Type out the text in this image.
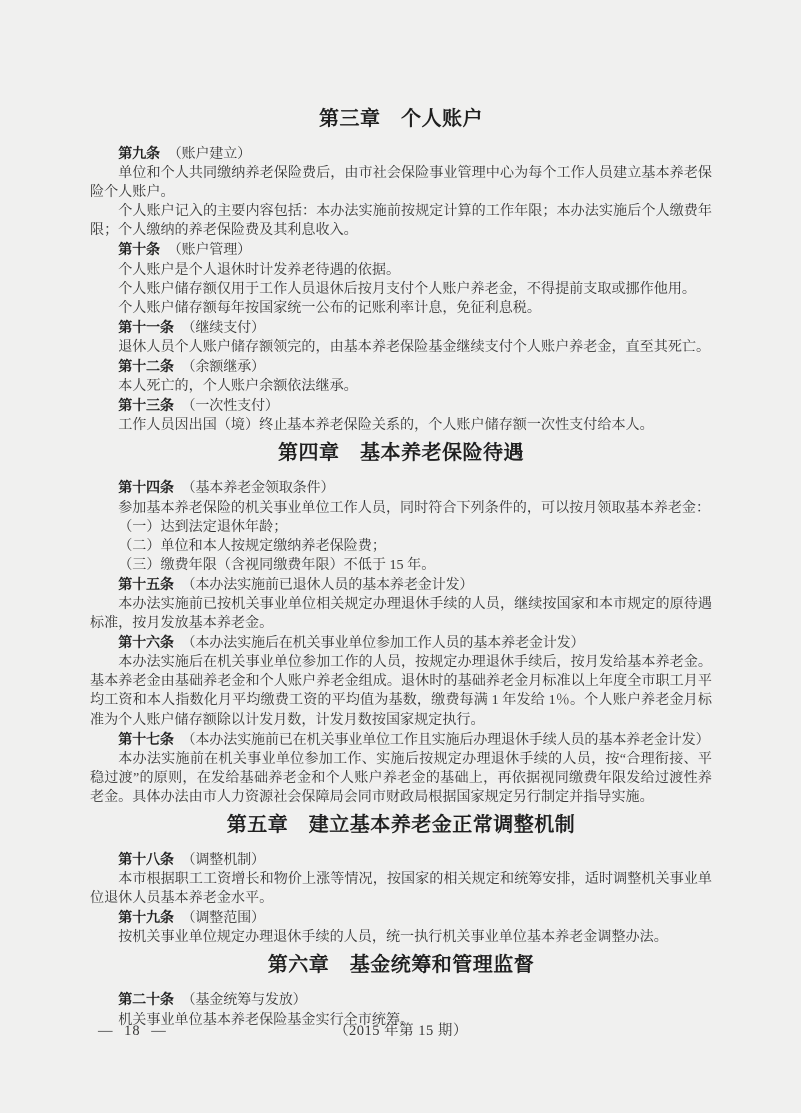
第三章　个人账户

第九条 （账户建立）

单位和个人共同缴纳养老保险费后，由市社会保险事业管理中心为每个工作人员建立基本养老保险个人账户。

个人账户记入的主要内容包括：本办法实施前按规定计算的工作年限；本办法实施后个人缴费年限；个人缴纳的养老保险费及其利息收入。

第十条 （账户管理）

个人账户是个人退休时计发养老待遇的依据。

个人账户储存额仅用于工作人员退休后按月支付个人账户养老金，不得提前支取或挪作他用。

个人账户储存额每年按国家统一公布的记账利率计息，免征利息税。

第十一条 （继续支付）

退休人员个人账户储存额领完的，由基本养老保险基金继续支付个人账户养老金，直至其死亡。

第十二条 （余额继承）

本人死亡的，个人账户余额依法继承。

第十三条 （一次性支付）

工作人员因出国（境）终止基本养老保险关系的，个人账户储存额一次性支付给本人。

第四章　基本养老保险待遇

第十四条 （基本养老金领取条件）

参加基本养老保险的机关事业单位工作人员，同时符合下列条件的，可以按月领取基本养老金：

（一）达到法定退休年龄；

（二）单位和本人按规定缴纳养老保险费；

（三）缴费年限（含视同缴费年限）不低于 15 年。

第十五条 （本办法实施前已退休人员的基本养老金计发）

本办法实施前已按机关事业单位相关规定办理退休手续的人员，继续按国家和本市规定的原待遇标准，按月发放基本养老金。

第十六条 （本办法实施后在机关事业单位参加工作人员的基本养老金计发）

本办法实施后在机关事业单位参加工作的人员，按规定办理退休手续后，按月发给基本养老金。基本养老金由基础养老金和个人账户养老金组成。退休时的基础养老金月标准以上年度全市职工月平均工资和本人指数化月平均缴费工资的平均值为基数，缴费每满 1 年发给 1％。个人账户养老金月标准为个人账户储存额除以计发月数，计发月数按国家规定执行。

第十七条 （本办法实施前已在机关事业单位工作且实施后办理退休手续人员的基本养老金计发）

本办法实施前在机关事业单位参加工作、实施后按规定办理退休手续的人员，按“合理衔接、平稳过渡”的原则，在发给基础养老金和个人账户养老金的基础上，再依据视同缴费年限发给过渡性养老金。具体办法由市人力资源社会保障局会同市财政局根据国家规定另行制定并指导实施。

第五章　建立基本养老金正常调整机制

第十八条 （调整机制）

本市根据职工工资增长和物价上涨等情况，按国家的相关规定和统筹安排，适时调整机关事业单位退休人员基本养老金水平。

第十九条 （调整范围）

按机关事业单位规定办理退休手续的人员，统一执行机关事业单位基本养老金调整办法。

第六章　基金统筹和管理监督

第二十条 （基金统筹与发放）

机关事业单位基本养老保险基金实行全市统筹。

— 18 —	（2015 年第 15 期）
